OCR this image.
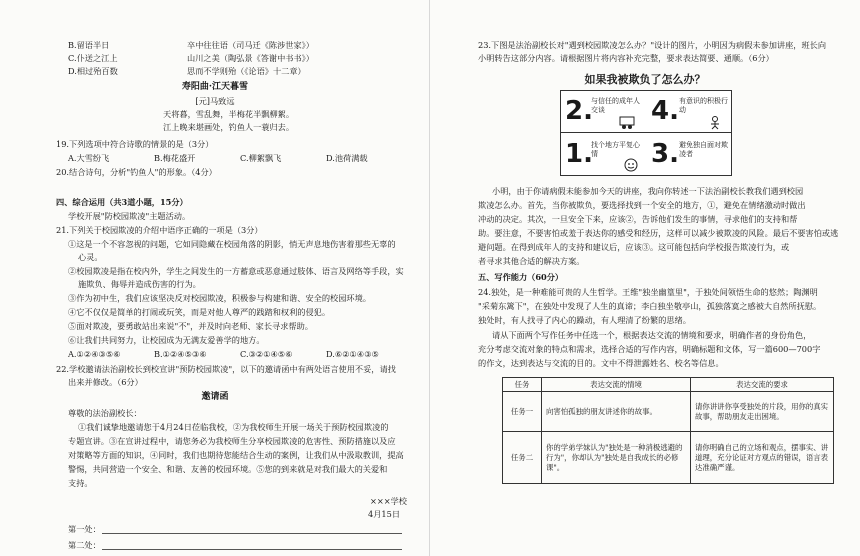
B.留语半日	卒中往往语（司马迁《陈涉世家》）
C.仆送之江上	山川之美（陶弘景《答谢中书书》）
D.相过殆百数	思而不学则殆（《论语》十二章）
寿阳曲·江天暮雪
[元]马致远
天将暮，雪乱舞，半梅花半飘柳絮。
江上晚来堪画处，钓鱼人一蓑归去。
19.下列选项中符合诗歌的情景的是（3分）
A.大雪纷飞	B.梅花盛开	C.柳絮飘飞	D.池荷满载
20.结合诗句，分析"钓鱼人"的形象。（4分）
四、综合运用（共3道小题，15分）
学校开展"防校园欺凌"主题活动。
21.下列关于校园欺凌的介绍中语序正确的一项是（3分）
①这是一个不容忽视的问题，它如同隐藏在校园角落的阴影，悄无声息地伤害着那些无辜的
心灵。
②校园欺凌是指在校内外，学生之间发生的一方蓄意或恶意通过肢体、语言及网络等手段，实
施欺负、侮辱并造成伤害的行为。
③作为初中生，我们应该坚决反对校园欺凌，积极参与构建和谐、安全的校园环境。
④它不仅仅是简单的打闹或玩笑，而是对他人尊严的践踏和权利的侵犯。
⑤面对欺凌，要勇敢站出来说"不"，并及时向老师、家长寻求帮助。
⑥让我们共同努力，让校园成为无满友爱善学的地方。
A.①②④③⑤⑥	B.①②④⑤③⑥	C.③②①④⑤⑥	D.⑥②①④③⑤
22.学校邀请法治副校长到校宣讲"预防校园欺凌"，以下的邀请函中有两处语言使用不妥，请找
出来并修改。（6分）
邀请函
尊敬的法治副校长：
①我们诚挚地邀请您于4月24日莅临我校，②为我校师生开展一场关于预防校园欺凌的
专题宣讲。③在宣讲过程中，请您务必为我校师生分享校园欺凌的危害性、预防措施以及应
对策略等方面的知识，④同时，我们也期待您能结合生动的案例，让我们从中汲取教训，提高
警惕，共同营造一个安全、和谐、友善的校园环境。⑤您的到来就是对我们最大的关爱和
支持。
×××学校
4月15日
第一处：
第二处：
23.下图是法治副校长对"遇到校园欺凌怎么办？"设计的图片，小明因为病假未参加讲座，班长向
小明转告这部分内容。请根据图片将内容补充完整，要求表达简要、通顺。（6分）
如果我被欺负了怎么办？
2.
与信任的成年人交谈	4. 有意识的积极行动
1.
找个地方平复心情	3. 避免独自面对欺凌者
小明，由于你请病假未能参加今天的讲座，我向你转述一下法治副校长教我们遇到校园
欺凌怎么办。首先，当你被欺负，要选择找到一个安全的地方，①，避免在情绪激动时做出
冲动的决定。其次，一旦安全下来，应该②，告诉他们发生的事情，寻求他们的支持和帮
助。要注意，不要害怕或羞于表达你的感受和经历，这样可以减少被欺凌的风险。最后不要害怕或逃
避问题。在得到成年人的支持和建议后，应该③。这可能包括向学校报告欺凌行为，或
者寻求其他合适的解决方案。
五、写作能力（60分）
24.独处，是一种难能可贵的人生哲学。王维"独坐幽篁里"，于独处间领悟生命的悠然；陶渊明
"采菊东篱下"，在独处中发现了人生的真谛；李白独坐敬亭山，孤独落寞之感被大自然所抚慰。
独处时，有人找寻了内心的躁动，有人理清了纷繁的思绪。
请从下面两个写作任务中任选一个，根据表达交流的情境和要求，明确作者的身份角色，
充分考虑交流对象的特点和需求，选择合适的写作内容，明确标题和文体，写一篇600—700字
的作文，达到表达与交流的目的。文中不得泄露姓名、校名等信息。
任务	表达交流的情境	表达交流的要求
任务一	向害怕孤独的朋友讲述你的故事。	请你讲讲你享受独处的片段，用你的真实故事，帮助朋友走出困境。
任务二	你的学弟学妹认为"独处是一种消极逃避的行为"，你却认为"独处是自我成长的必修课"。	请你明确自己的立场和观点，摆事实、讲道理，充分论证对方观点的错误，语言表达准确严谨。
